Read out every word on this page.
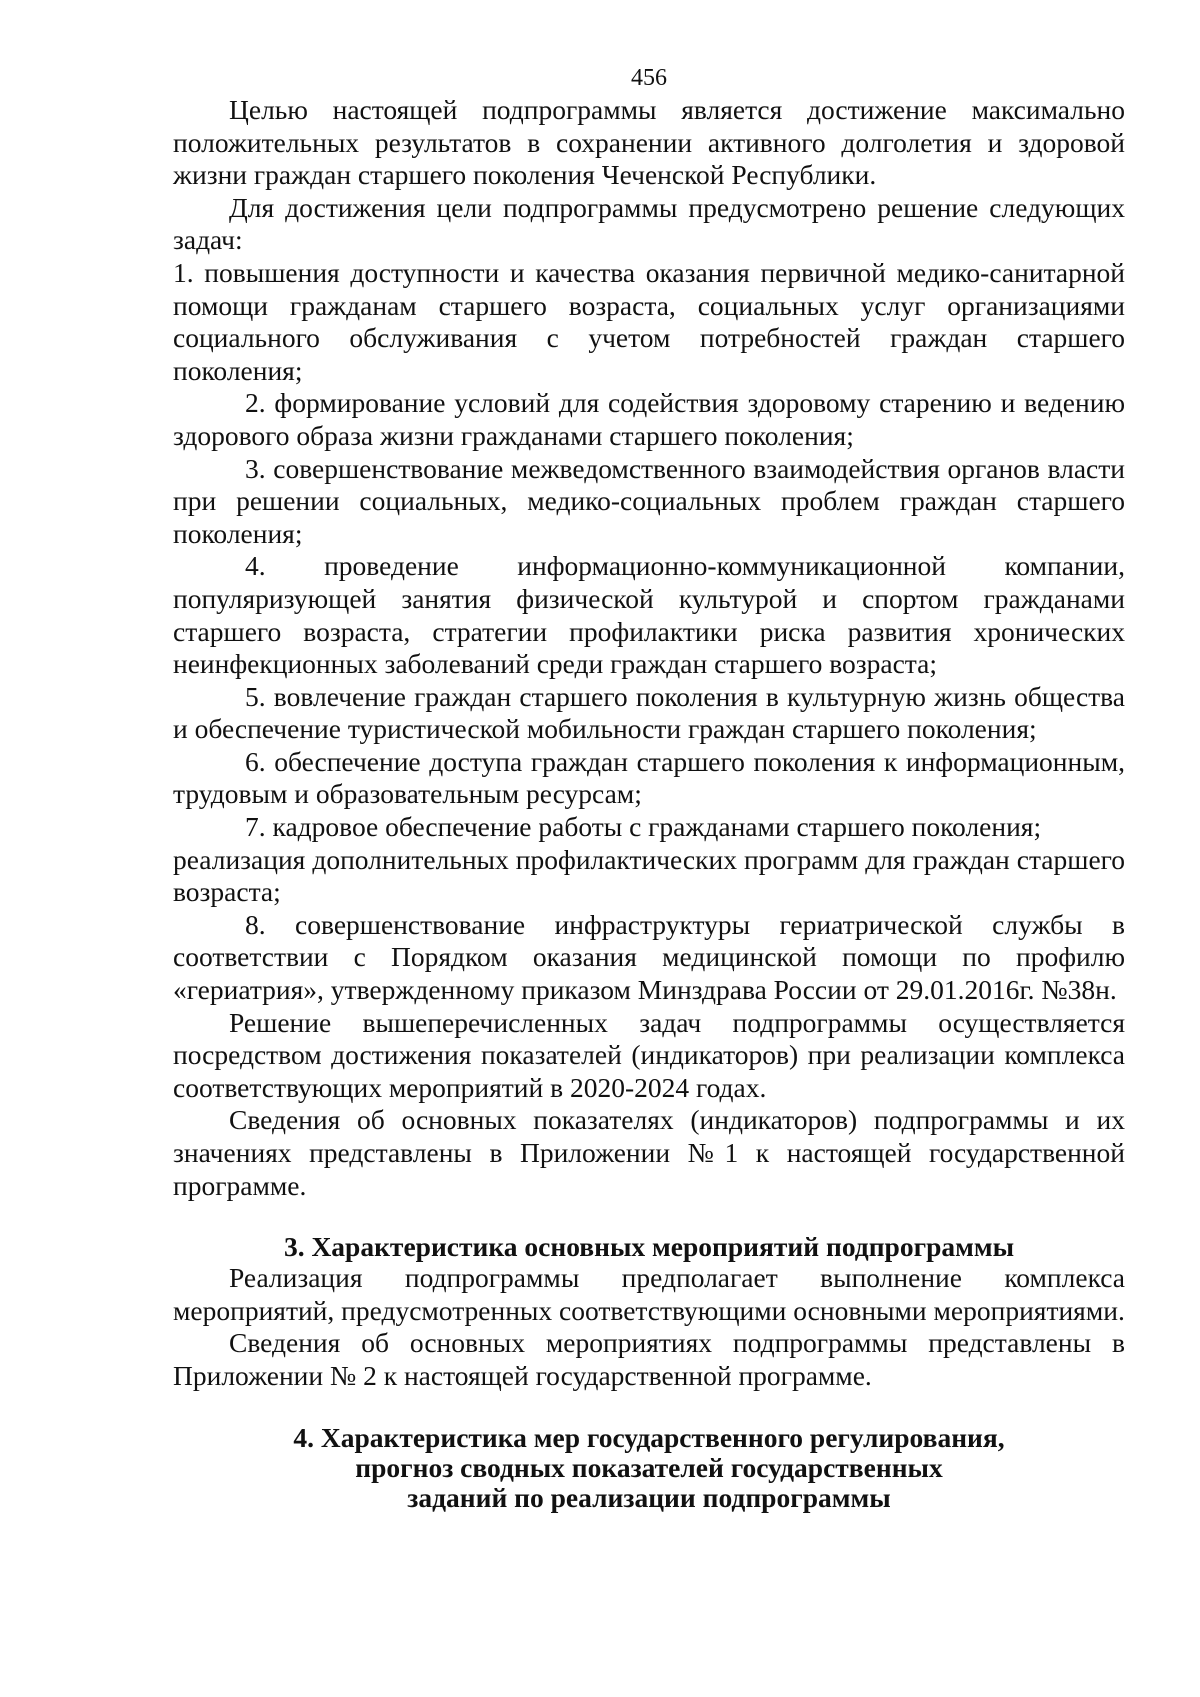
456

Целью настоящей подпрограммы является достижение максимально положительных результатов в сохранении активного долголетия и здоровой жизни граждан старшего поколения Чеченской Республики.

Для достижения цели подпрограммы предусмотрено решение следующих задач:

1. повышения доступности и качества оказания первичной медико-санитарной помощи гражданам старшего возраста, социальных услуг организациями социального обслуживания с учетом потребностей граждан старшего поколения;

2. формирование условий для содействия здоровому старению и ведению здорового образа жизни гражданами старшего поколения;

3. совершенствование межведомственного взаимодействия органов власти при решении социальных, медико-социальных проблем граждан старшего поколения;

4. проведение информационно-коммуникационной компании, популяризующей занятия физической культурой и спортом гражданами старшего возраста, стратегии профилактики риска развития хронических неинфекционных заболеваний среди граждан старшего возраста;

5. вовлечение граждан старшего поколения в культурную жизнь общества и обеспечение туристической мобильности граждан старшего поколения;

6. обеспечение доступа граждан старшего поколения к информационным, трудовым и образовательным ресурсам;

7. кадровое обеспечение работы с гражданами старшего поколения;

реализация дополнительных профилактических программ для граждан старшего возраста;

8. совершенствование инфраструктуры гериатрической службы в соответствии с Порядком оказания медицинской помощи по профилю «гериатрия», утвержденному приказом Минздрава России от 29.01.2016г. №38н.

Решение вышеперечисленных задач подпрограммы осуществляется посредством достижения показателей (индикаторов) при реализации комплекса соответствующих мероприятий в 2020-2024 годах.

Сведения об основных показателях (индикаторов) подпрограммы и их значениях представлены в Приложении №1 к настоящей государственной программе.

3. Характеристика основных мероприятий подпрограммы

Реализация подпрограммы предполагает выполнение комплекса мероприятий, предусмотренных соответствующими основными мероприятиями.

Сведения об основных мероприятиях подпрограммы представлены в Приложении № 2 к настоящей государственной программе.

4. Характеристика мер государственного регулирования,
прогноз сводных показателей государственных
заданий по реализации подпрограммы
